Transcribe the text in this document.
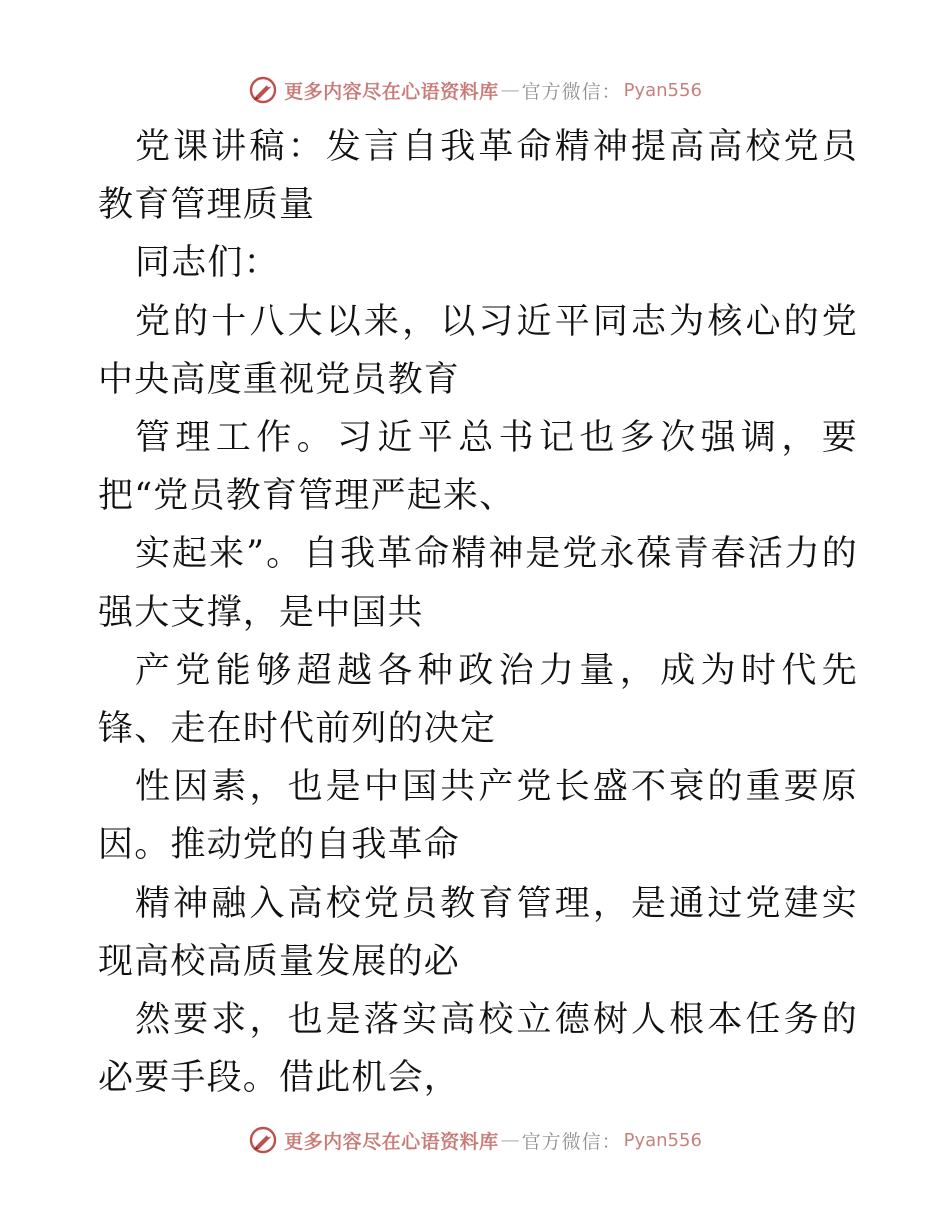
更多内容尽在心语资料库 — 官方微信： Pyan556

党课讲稿：发言自我革命精神提高高校党员教育管理质量

同志们：

党的十八大以来，以习近平同志为核心的党中央高度重视党员教育

管理工作。习近平总书记也多次强调，要把“党员教育管理严起来、

实起来”。自我革命精神是党永葆青春活力的强大支撑，是中国共

产党能够超越各种政治力量，成为时代先锋、走在时代前列的决定

性因素，也是中国共产党长盛不衰的重要原因。推动党的自我革命

精神融入高校党员教育管理，是通过党建实现高校高质量发展的必

然要求，也是落实高校立德树人根本任务的必要手段。借此机会，

更多内容尽在心语资料库 — 官方微信： Pyan556
